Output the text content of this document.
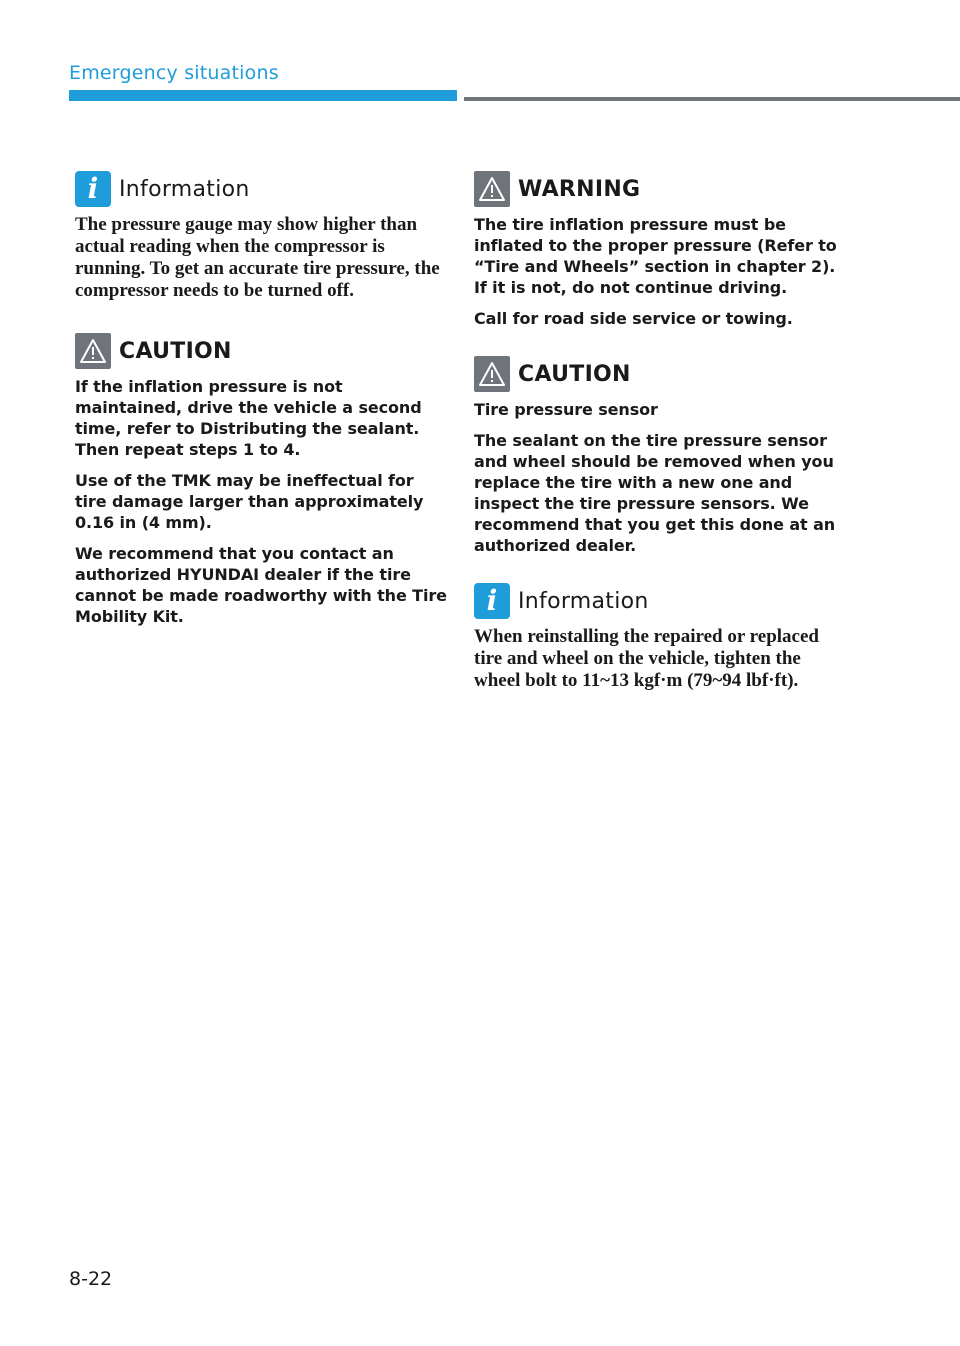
Emergency situations
i Information

The pressure gauge may show higher than actual reading when the compressor is running. To get an accurate tire pressure, the compressor needs to be turned off.

CAUTION

If the inflation pressure is not maintained, drive the vehicle a second time, refer to Distributing the sealant. Then repeat steps 1 to 4.

Use of the TMK may be ineffectual for tire damage larger than approximately 0.16 in (4 mm).

We recommend that you contact an authorized HYUNDAI dealer if the tire cannot be made roadworthy with the Tire Mobility Kit.

WARNING

The tire inflation pressure must be inflated to the proper pressure (Refer to “Tire and Wheels” section in chapter 2). If it is not, do not continue driving.

Call for road side service or towing.

CAUTION

Tire pressure sensor

The sealant on the tire pressure sensor and wheel should be removed when you replace the tire with a new one and inspect the tire pressure sensors. We recommend that you get this done at an authorized dealer.

i Information

When reinstalling the repaired or replaced tire and wheel on the vehicle, tighten the wheel bolt to 11~13 kgf·m (79~94 lbf·ft).

8-22
